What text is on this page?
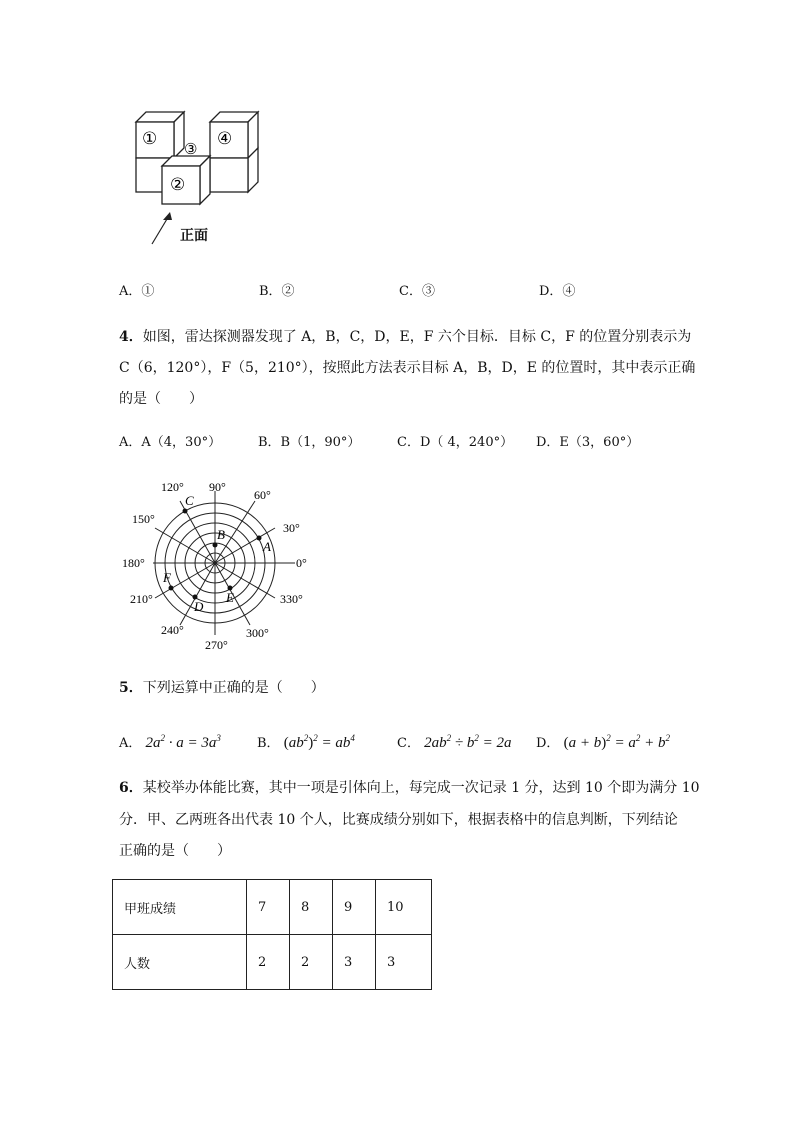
①	④
③
②
正面
A．①	B．②	C．③	D．④
4．如图，雷达探测器发现了 A，B，C，D，E，F 六个目标．目标 C，F 的位置分别表示为
C（6，120°），F（5，210°），按照此方法表示目标 A，B，D，E 的位置时，其中表示正确
的是（　　）
A．A（4，30°）	B．B（1，90°）	C．D（ 4，240°） D．E（3，60°）
90°
120°
60°
150°
30°
180°	0°
210°	330°
240°	300°
270°
C
B
A
F
D
E
5．下列运算中正确的是（　　）
A． $2a^2 \cdot a = 3a^3$	B． $(ab^2)^2 = ab^4$	C． $2ab^2 \div b^2 = 2a$ D． $(a + b)^2 = a^2 + b^2$
6．某校举办体能比赛，其中一项是引体向上，每完成一次记录 1 分，达到 10 个即为满分 10
分．甲、乙两班各出代表 10 个人，比赛成绩分别如下，根据表格中的信息判断，下列结论
正确的是（　　）
甲班成绩	7	8	9	10
人数	2	2	3	3
